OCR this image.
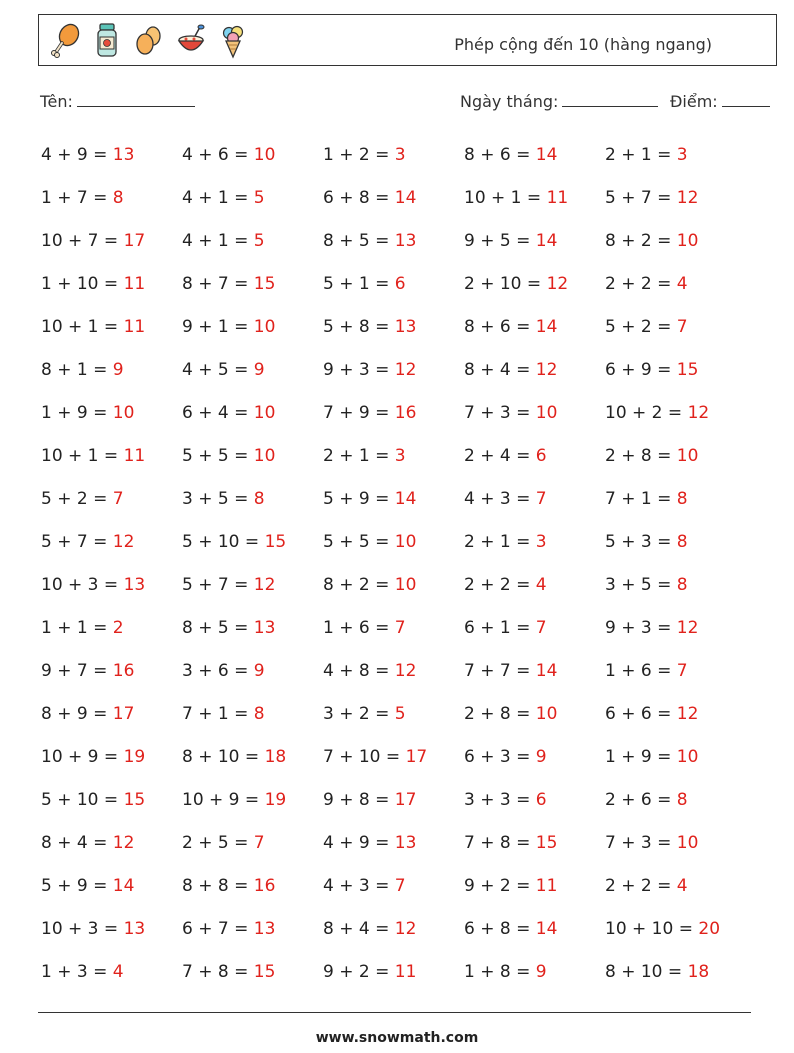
Phép cộng đến 10 (hàng ngang)
Tên:	Ngày tháng:	Điểm:
4 + 9 = 13	4 + 6 = 10	1 + 2 = 3	8 + 6 = 14	2 + 1 = 3
1 + 7 = 8	4 + 1 = 5	6 + 8 = 14	10 + 1 = 11	5 + 7 = 12
10 + 7 = 17	4 + 1 = 5	8 + 5 = 13	9 + 5 = 14	8 + 2 = 10
1 + 10 = 11	8 + 7 = 15	5 + 1 = 6	2 + 10 = 12	2 + 2 = 4
10 + 1 = 11	9 + 1 = 10	5 + 8 = 13	8 + 6 = 14	5 + 2 = 7
8 + 1 = 9	4 + 5 = 9	9 + 3 = 12	8 + 4 = 12	6 + 9 = 15
1 + 9 = 10	6 + 4 = 10	7 + 9 = 16	7 + 3 = 10	10 + 2 = 12
10 + 1 = 11	5 + 5 = 10	2 + 1 = 3	2 + 4 = 6	2 + 8 = 10
5 + 2 = 7	3 + 5 = 8	5 + 9 = 14	4 + 3 = 7	7 + 1 = 8
5 + 7 = 12	5 + 10 = 15	5 + 5 = 10	2 + 1 = 3	5 + 3 = 8
10 + 3 = 13	5 + 7 = 12	8 + 2 = 10	2 + 2 = 4	3 + 5 = 8
1 + 1 = 2	8 + 5 = 13	1 + 6 = 7	6 + 1 = 7	9 + 3 = 12
9 + 7 = 16	3 + 6 = 9	4 + 8 = 12	7 + 7 = 14	1 + 6 = 7
8 + 9 = 17	7 + 1 = 8	3 + 2 = 5	2 + 8 = 10	6 + 6 = 12
10 + 9 = 19	8 + 10 = 18	7 + 10 = 17	6 + 3 = 9	1 + 9 = 10
5 + 10 = 15	10 + 9 = 19	9 + 8 = 17	3 + 3 = 6	2 + 6 = 8
8 + 4 = 12	2 + 5 = 7	4 + 9 = 13	7 + 8 = 15	7 + 3 = 10
5 + 9 = 14	8 + 8 = 16	4 + 3 = 7	9 + 2 = 11	2 + 2 = 4
10 + 3 = 13	6 + 7 = 13	8 + 4 = 12	6 + 8 = 14	10 + 10 = 20
1 + 3 = 4	7 + 8 = 15	9 + 2 = 11	1 + 8 = 9	8 + 10 = 18
www.snowmath.com
